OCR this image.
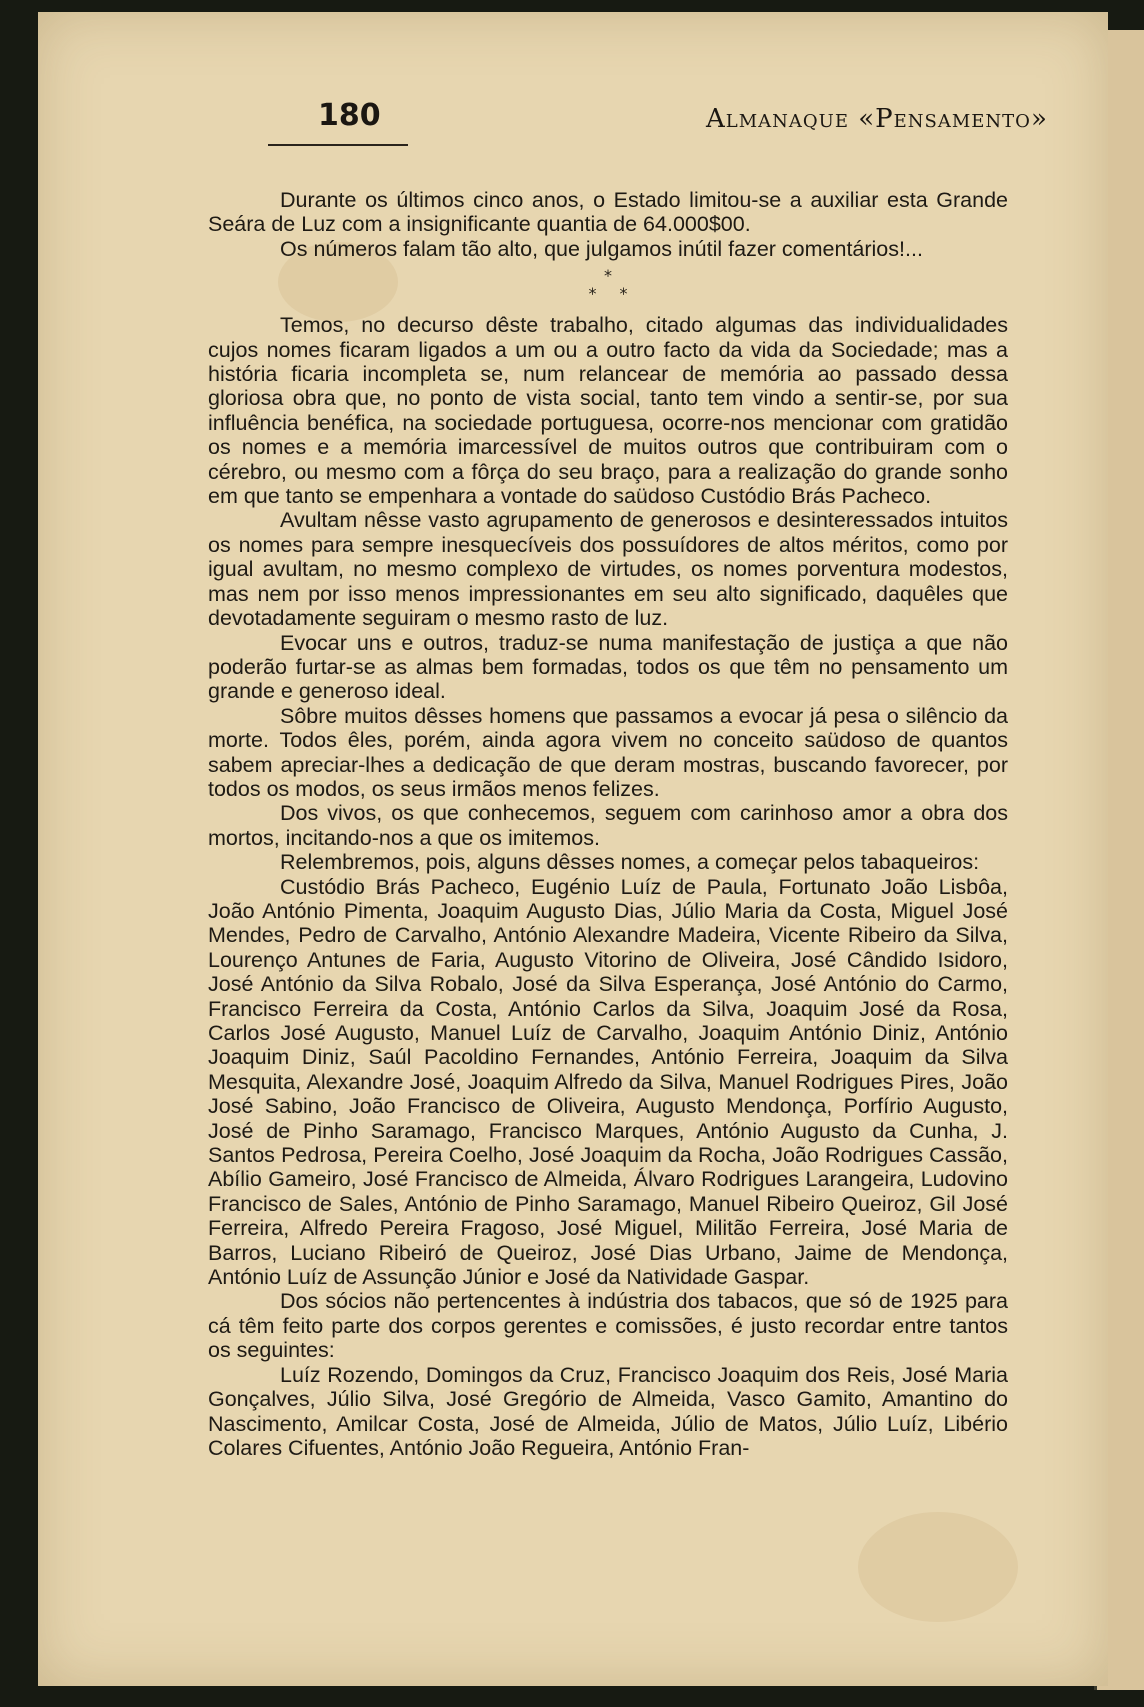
180	Almanaque «Pensamento»

Durante os últimos cinco anos, o Estado limitou-se a auxiliar esta Grande Seára de Luz com a insignificante quantia de 64.000$00.

Os números falam tão alto, que julgamos inútil fazer comentários!...

*
* *

Temos, no decurso dêste trabalho, citado algumas das individualidades cujos nomes ficaram ligados a um ou a outro facto da vida da Sociedade; mas a história ficaria incompleta se, num relancear de memória ao passado dessa gloriosa obra que, no ponto de vista social, tanto tem vindo a sentir-se, por sua influência benéfica, na sociedade portuguesa, ocorre-nos mencionar com gratidão os nomes e a memória imarcessível de muitos outros que contribuiram com o cérebro, ou mesmo com a fôrça do seu braço, para a realização do grande sonho em que tanto se empenhara a vontade do saüdoso Custódio Brás Pacheco.

Avultam nêsse vasto agrupamento de generosos e desinteressados intuitos os nomes para sempre inesquecíveis dos possuídores de altos méritos, como por igual avultam, no mesmo complexo de virtudes, os nomes porventura modestos, mas nem por isso menos impressionantes em seu alto significado, daquêles que devotadamente seguiram o mesmo rasto de luz.

Evocar uns e outros, traduz-se numa manifestação de justiça a que não poderão furtar-se as almas bem formadas, todos os que têm no pensamento um grande e generoso ideal.

Sôbre muitos dêsses homens que passamos a evocar já pesa o silêncio da morte. Todos êles, porém, ainda agora vivem no conceito saüdoso de quantos sabem apreciar-lhes a dedicação de que deram mostras, buscando favorecer, por todos os modos, os seus irmãos menos felizes.

Dos vivos, os que conhecemos, seguem com carinhoso amor a obra dos mortos, incitando-nos a que os imitemos.

Relembremos, pois, alguns dêsses nomes, a começar pelos tabaqueiros:

Custódio Brás Pacheco, Eugénio Luíz de Paula, Fortunato João Lisbôa, João António Pimenta, Joaquim Augusto Dias, Júlio Maria da Costa, Miguel José Mendes, Pedro de Carvalho, António Alexandre Madeira, Vicente Ribeiro da Silva, Lourenço Antunes de Faria, Augusto Vitorino de Oliveira, José Cândido Isidoro, José António da Silva Robalo, José da Silva Esperança, José António do Carmo, Francisco Ferreira da Costa, António Carlos da Silva, Joaquim José da Rosa, Carlos José Augusto, Manuel Luíz de Carvalho, Joaquim António Diniz, António Joaquim Diniz, Saúl Pacoldino Fernandes, António Ferreira, Joaquim da Silva Mesquita, Alexandre José, Joaquim Alfredo da Silva, Manuel Rodrigues Pires, João José Sabino, João Francisco de Oliveira, Augusto Mendonça, Porfírio Augusto, José de Pinho Saramago, Francisco Marques, António Augusto da Cunha, J. Santos Pedrosa, Pereira Coelho, José Joaquim da Rocha, João Rodrigues Cassão, Abílio Gameiro, José Francisco de Almeida, Álvaro Rodrigues Larangeira, Ludovino Francisco de Sales, António de Pinho Saramago, Manuel Ribeiro Queiroz, Gil José Ferreira, Alfredo Pereira Fragoso, José Miguel, Militão Ferreira, José Maria de Barros, Luciano Ribeiró de Queiroz, José Dias Urbano, Jaime de Mendonça, António Luíz de Assunção Júnior e José da Natividade Gaspar.

Dos sócios não pertencentes à indústria dos tabacos, que só de 1925 para cá têm feito parte dos corpos gerentes e comissões, é justo recordar entre tantos os seguintes:

Luíz Rozendo, Domingos da Cruz, Francisco Joaquim dos Reis, José Maria Gonçalves, Júlio Silva, José Gregório de Almeida, Vasco Gamito, Amantino do Nascimento, Amilcar Costa, José de Almeida, Júlio de Matos, Júlio Luíz, Libério Colares Cifuentes, António João Regueira, António Fran-
